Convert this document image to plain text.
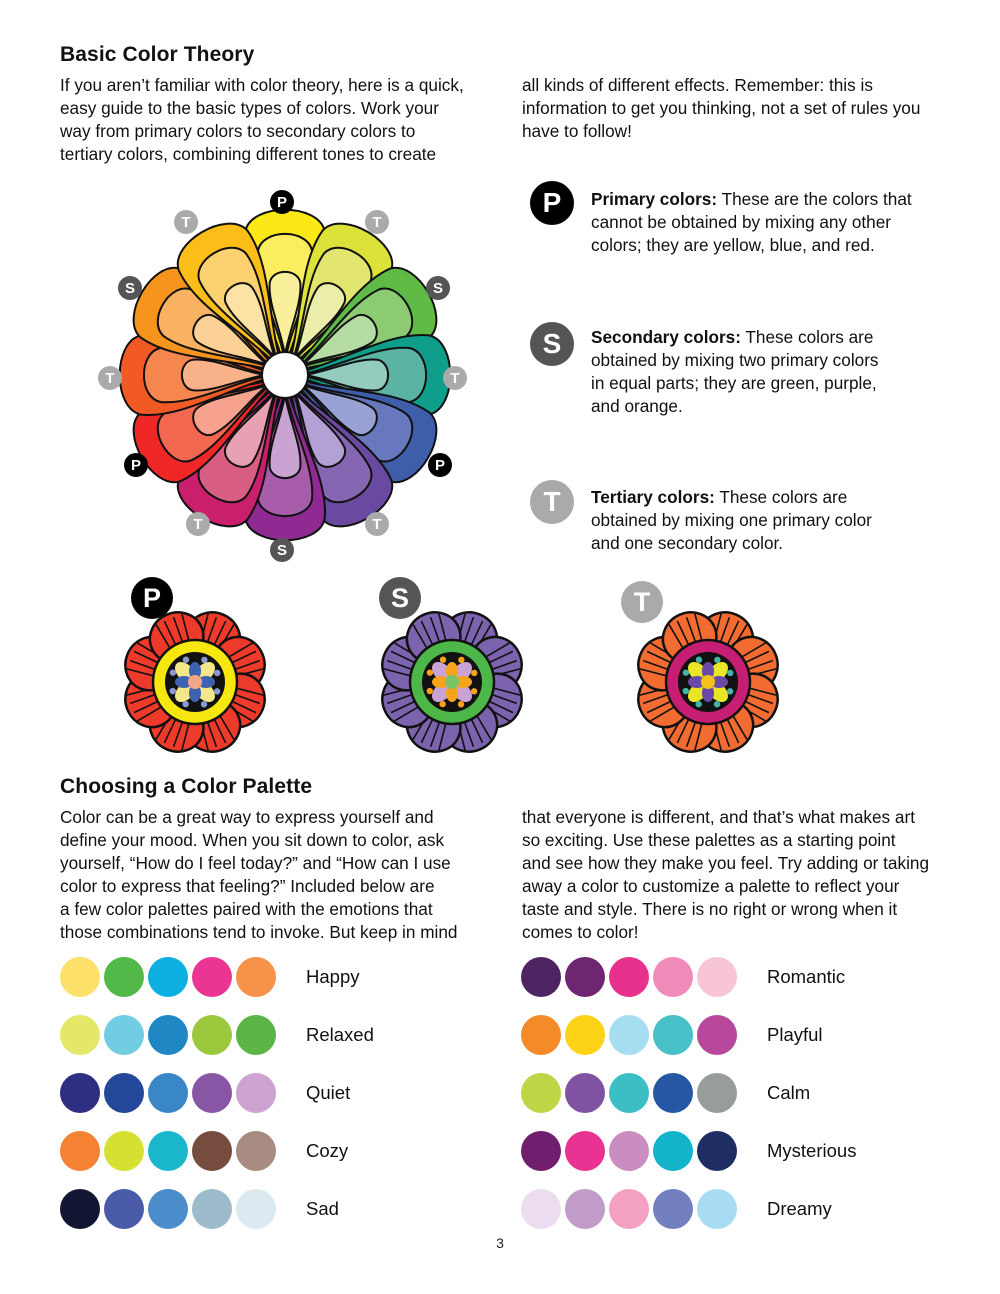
Basic Color Theory
If you aren’t familiar with color theory, here is a quick,
easy guide to the basic types of colors. Work your
way from primary colors to secondary colors to
tertiary colors, combining different tones to create
all kinds of different effects. Remember: this is
information to get you thinking, not a set of rules you
have to follow!
P
T	T
S	S
T	T
P	P
T	T
S
P	Primary colors: These are the colors that
cannot be obtained by mixing any other
colors; they are yellow, blue, and red.
S	Secondary colors: These colors are
obtained by mixing two primary colors
in equal parts; they are green, purple,
and orange.
T	Tertiary colors: These colors are
obtained by mixing one primary color
and one secondary color.
P	S	T
Choosing a Color Palette
Color can be a great way to express yourself and
define your mood. When you sit down to color, ask
yourself, “How do I feel today?” and “How can I use
color to express that feeling?” Included below are
a few color palettes paired with the emotions that
those combinations tend to invoke. But keep in mind
that everyone is different, and that’s what makes art
so exciting. Use these palettes as a starting point
and see how they make you feel. Try adding or taking
away a color to customize a palette to reflect your
taste and style. There is no right or wrong when it
comes to color!
Happy
Relaxed
Quiet
Cozy
Sad
Romantic
Playful
Calm
Mysterious
Dreamy
3
